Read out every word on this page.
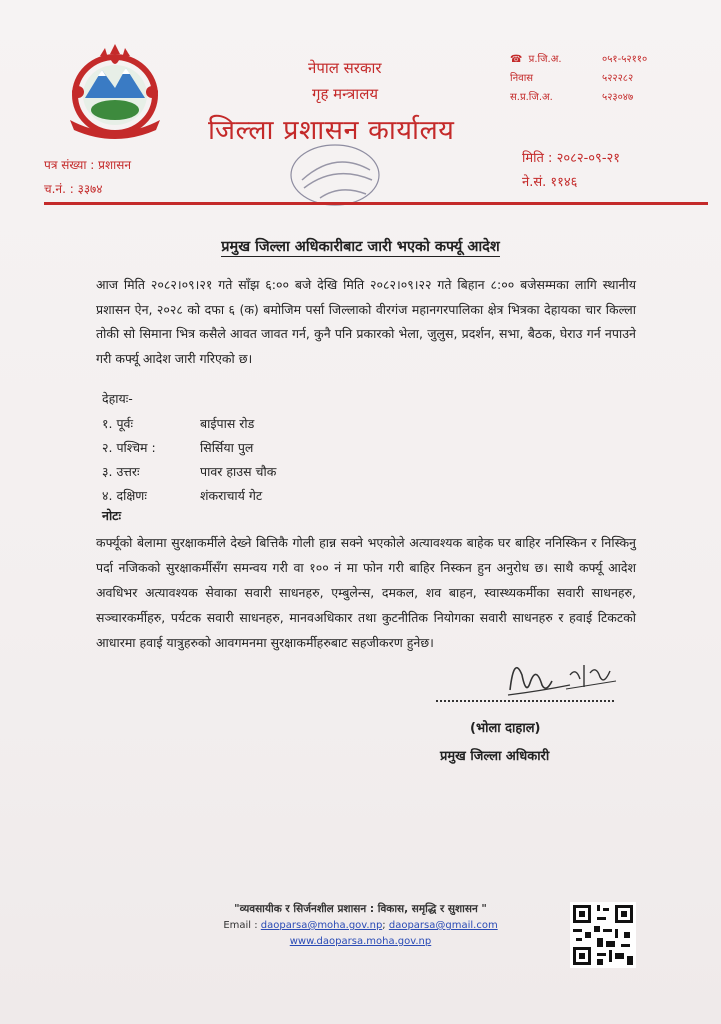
नेपाल सरकार
गृह मन्त्रालय
जिल्ला प्रशासन कार्यालय
☎ प्र.जि.अ.	०५१-५२११०
निवास	५२२२८२
स.प्र.जि.अ.	५२३०४७
पत्र संख्या : प्रशासन
च.नं. : ३३७४
मिति : २०८२-०९-२१
ने.सं. ११४६
प्रमुख जिल्ला अधिकारीबाट जारी भएको कर्फ्यू आदेश
आज मिति २०८२।०९।२१ गते साँझ ६:०० बजे देखि मिति २०८२।०९।२२ गते बिहान ८:०० बजेसम्मका लागि स्थानीय प्रशासन ऐन, २०२८ को दफा ६ (क) बमोजिम पर्सा जिल्लाको वीरगंज महानगरपालिका क्षेत्र भित्रका देहायका चार किल्ला तोकी सो सिमाना भित्र कसैले आवत जावत गर्न, कुनै पनि प्रकारको भेला, जुलुस, प्रदर्शन, सभा, बैठक, घेराउ गर्न नपाउने गरी कर्फ्यू आदेश जारी गरिएको छ।
देहायः-
१. पूर्वः	बाईपास रोड
२. पश्चिम :	सिर्सिया पुल
३. उत्तरः	पावर हाउस चौक
४. दक्षिणः	शंकराचार्य गेट
नोटः
कर्फ्यूको बेलामा सुरक्षाकर्मीले देख्ने बित्तिकै गोली हान्न सक्ने भएकोले अत्यावश्यक बाहेक घर बाहिर ननिस्किन र निस्किनु पर्दा नजिकको सुरक्षाकर्मीसँग समन्वय गरी वा १०० नं मा फोन गरी बाहिर निस्कन हुन अनुरोध छ। साथै कर्फ्यू आदेश अवधिभर अत्यावश्यक सेवाका सवारी साधनहरु, एम्बुलेन्स, दमकल, शव बाहन, स्वास्थ्यकर्मीका सवारी साधनहरु, सञ्चारकर्मीहरु, पर्यटक सवारी साधनहरु, मानवअधिकार तथा कुटनीतिक नियोगका सवारी साधनहरु र हवाई टिकटको आधारमा हवाई यात्रुहरुको आवगमनमा सुरक्षाकर्मीहरुबाट सहजीकरण हुनेछ।
(भोला दाहाल)
प्रमुख जिल्ला अधिकारी
"व्यवसायीक र सिर्जनशील प्रशासन : विकास, समृद्धि र सुशासन "
Email : daoparsa@moha.gov.np; daoparsa@gmail.com
www.daoparsa.moha.gov.np
